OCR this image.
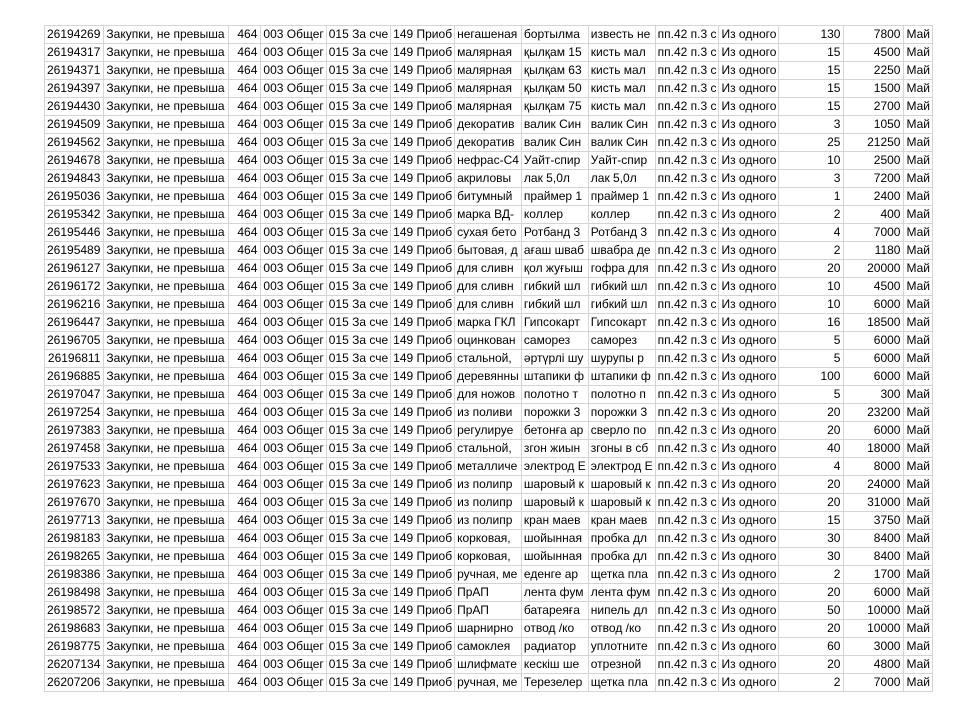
26194269	Закупки, не превыша	464	003 Общег	015 За сче	149 Приоб	негашеная	бортылма	известь не	пп.42 п.3 с	Из одного	130	7800	Май
26194317	Закупки, не превыша	464	003 Общег	015 За сче	149 Приоб	малярная	қылқам 15	кисть мал	пп.42 п.3 с	Из одного	15	4500	Май
26194371	Закупки, не превыша	464	003 Общег	015 За сче	149 Приоб	малярная	қылқам 63	кисть мал	пп.42 п.3 с	Из одного	15	2250	Май
26194397	Закупки, не превыша	464	003 Общег	015 За сче	149 Приоб	малярная	қылқам 50	кисть мал	пп.42 п.3 с	Из одного	15	1500	Май
26194430	Закупки, не превыша	464	003 Общег	015 За сче	149 Приоб	малярная	қылқам 75	кисть мал	пп.42 п.3 с	Из одного	15	2700	Май
26194509	Закупки, не превыша	464	003 Общег	015 За сче	149 Приоб	декоратив	валик Син	валик Син	пп.42 п.3 с	Из одного	3	1050	Май
26194562	Закупки, не превыша	464	003 Общег	015 За сче	149 Приоб	декоратив	валик Син	валик Син	пп.42 п.3 с	Из одного	25	21250	Май
26194678	Закупки, не превыша	464	003 Общег	015 За сче	149 Приоб	нефрас-С4	Уайт-спир	Уайт-спир	пп.42 п.3 с	Из одного	10	2500	Май
26194843	Закупки, не превыша	464	003 Общег	015 За сче	149 Приоб	акриловы	лак 5,0л	лак 5,0л	пп.42 п.3 с	Из одного	3	7200	Май
26195036	Закупки, не превыша	464	003 Общег	015 За сче	149 Приоб	битумный	праймер 1	праймер 1	пп.42 п.3 с	Из одного	1	2400	Май
26195342	Закупки, не превыша	464	003 Общег	015 За сче	149 Приоб	марка ВД-	коллер	коллер	пп.42 п.3 с	Из одного	2	400	Май
26195446	Закупки, не превыша	464	003 Общег	015 За сче	149 Приоб	сухая бето	Ротбанд 3	Ротбанд 3	пп.42 п.3 с	Из одного	4	7000	Май
26195489	Закупки, не превыша	464	003 Общег	015 За сче	149 Приоб	бытовая, д	ағаш шваб	швабра де	пп.42 п.3 с	Из одного	2	1180	Май
26196127	Закупки, не превыша	464	003 Общег	015 За сче	149 Приоб	для сливн	қол жуғыш	гофра для	пп.42 п.3 с	Из одного	20	20000	Май
26196172	Закупки, не превыша	464	003 Общег	015 За сче	149 Приоб	для сливн	гибкий шл	гибкий шл	пп.42 п.3 с	Из одного	10	4500	Май
26196216	Закупки, не превыша	464	003 Общег	015 За сче	149 Приоб	для сливн	гибкий шл	гибкий шл	пп.42 п.3 с	Из одного	10	6000	Май
26196447	Закупки, не превыша	464	003 Общег	015 За сче	149 Приоб	марка ГКЛ	Гипсокарт	Гипсокарт	пп.42 п.3 с	Из одного	16	18500	Май
26196705	Закупки, не превыша	464	003 Общег	015 За сче	149 Приоб	оцинкован	саморез	саморез	пп.42 п.3 с	Из одного	5	6000	Май
26196811	Закупки, не превыша	464	003 Общег	015 За сче	149 Приоб	стальной,	әртүрлі шу	шурупы р	пп.42 п.3 с	Из одного	5	6000	Май
26196885	Закупки, не превыша	464	003 Общег	015 За сче	149 Приоб	деревянны	штапики ф	штапики ф	пп.42 п.3 с	Из одного	100	6000	Май
26197047	Закупки, не превыша	464	003 Общег	015 За сче	149 Приоб	для ножов	полотно т	полотно п	пп.42 п.3 с	Из одного	5	300	Май
26197254	Закупки, не превыша	464	003 Общег	015 За сче	149 Приоб	из поливи	порожки 3	порожки 3	пп.42 п.3 с	Из одного	20	23200	Май
26197383	Закупки, не превыша	464	003 Общег	015 За сче	149 Приоб	регулируе	бетонға ар	сверло по	пп.42 п.3 с	Из одного	20	6000	Май
26197458	Закупки, не превыша	464	003 Общег	015 За сче	149 Приоб	стальной,	згон жиын	згоны в сб	пп.42 п.3 с	Из одного	40	18000	Май
26197533	Закупки, не превыша	464	003 Общег	015 За сче	149 Приоб	металличе	электрод Е	электрод Е	пп.42 п.3 с	Из одного	4	8000	Май
26197623	Закупки, не превыша	464	003 Общег	015 За сче	149 Приоб	из полипр	шаровый к	шаровый к	пп.42 п.3 с	Из одного	20	24000	Май
26197670	Закупки, не превыша	464	003 Общег	015 За сче	149 Приоб	из полипр	шаровый к	шаровый к	пп.42 п.3 с	Из одного	20	31000	Май
26197713	Закупки, не превыша	464	003 Общег	015 За сче	149 Приоб	из полипр	кран маев	кран маев	пп.42 п.3 с	Из одного	15	3750	Май
26198183	Закупки, не превыша	464	003 Общег	015 За сче	149 Приоб	корковая,	шойынная	пробка дл	пп.42 п.3 с	Из одного	30	8400	Май
26198265	Закупки, не превыша	464	003 Общег	015 За сче	149 Приоб	корковая,	шойынная	пробка дл	пп.42 п.3 с	Из одного	30	8400	Май
26198386	Закупки, не превыша	464	003 Общег	015 За сче	149 Приоб	ручная, ме	еденге ар	щетка пла	пп.42 п.3 с	Из одного	2	1700	Май
26198498	Закупки, не превыша	464	003 Общег	015 За сче	149 Приоб	ПрАП	лента фум	лента фум	пп.42 п.3 с	Из одного	20	6000	Май
26198572	Закупки, не превыша	464	003 Общег	015 За сче	149 Приоб	ПрАП	батареяға	нипель дл	пп.42 п.3 с	Из одного	50	10000	Май
26198683	Закупки, не превыша	464	003 Общег	015 За сче	149 Приоб	шарнирно	отвод /ко	отвод /ко	пп.42 п.3 с	Из одного	20	10000	Май
26198775	Закупки, не превыша	464	003 Общег	015 За сче	149 Приоб	самоклея	радиатор	уплотните	пп.42 п.3 с	Из одного	60	3000	Май
26207134	Закупки, не превыша	464	003 Общег	015 За сче	149 Приоб	шлифмате	кескіш ше	отрезной	пп.42 п.3 с	Из одного	20	4800	Май
26207206	Закупки, не превыша	464	003 Общег	015 За сче	149 Приоб	ручная, ме	Терезелер	щетка пла	пп.42 п.3 с	Из одного	2	7000	Май
